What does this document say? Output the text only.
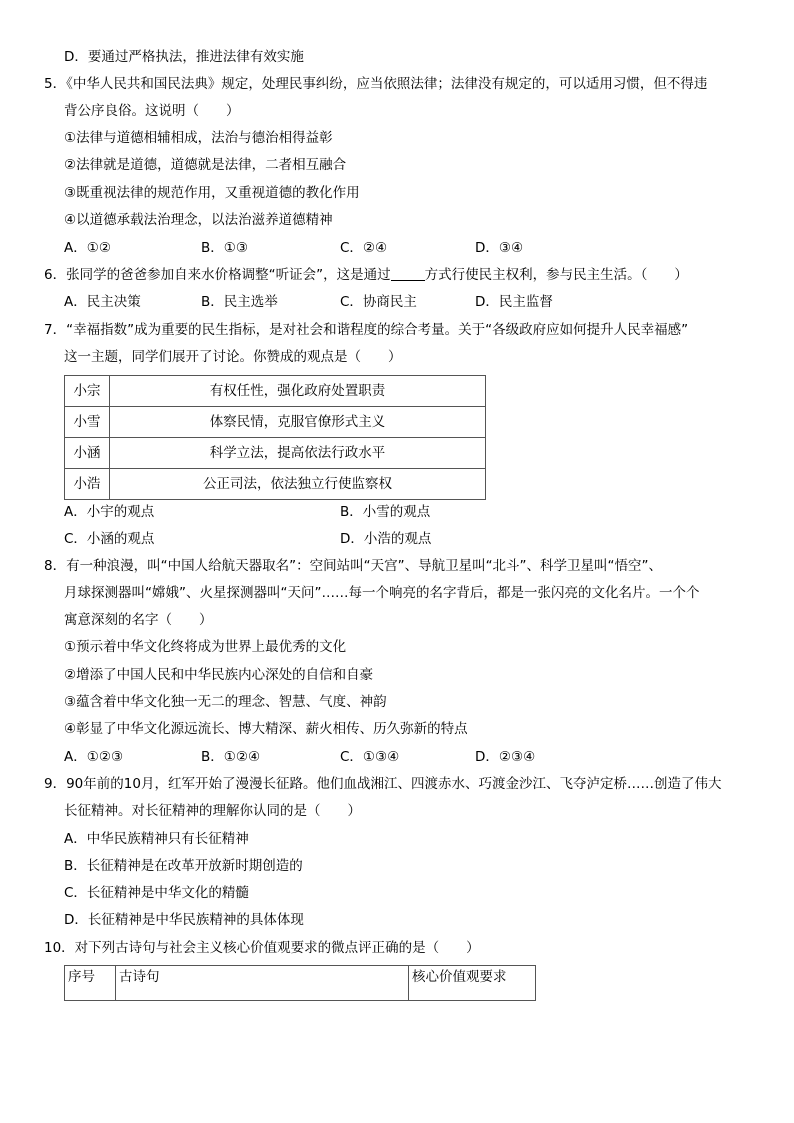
D．要通过严格执法，推进法律有效实施
5．《中华人民共和国民法典》规定，处理民事纠纷，应当依照法律；法律没有规定的，可以适用习惯，但不得违
背公序良俗。这说明（　　）
①法律与道德相辅相成，法治与德治相得益彰
②法律就是道德，道德就是法律，二者相互融合
③既重视法律的规范作用，又重视道德的教化作用
④以道德承载法治理念，以法治滋养道德精神
A．①②	B．①③	C．②④	D．③④
6．张同学的爸爸参加自来水价格调整“听证会”，这是通过	方式行使民主权利，参与民主生活。（　　）
A．民主决策	B．民主选举	C．协商民主	D．民主监督
7．“幸福指数”成为重要的民生指标，是对社会和谐程度的综合考量。关于“各级政府应如何提升人民幸福感”
这一主题，同学们展开了讨论。你赞成的观点是（　　）
小宗	有权任性，强化政府处置职责
小雪	体察民情，克服官僚形式主义
小涵	科学立法，提高依法行政水平
小浩	公正司法，依法独立行使监察权
A．小宇的观点	B．小雪的观点
C．小涵的观点	D．小浩的观点
8．有一种浪漫，叫“中国人给航天器取名”：空间站叫“天宫”、导航卫星叫“北斗”、科学卫星叫“悟空”、
月球探测器叫“嫦娥”、火星探测器叫“天问”……每一个响亮的名字背后，都是一张闪亮的文化名片。一个个
寓意深刻的名字（　　）
①预示着中华文化终将成为世界上最优秀的文化
②增添了中国人民和中华民族内心深处的自信和自豪
③蕴含着中华文化独一无二的理念、智慧、气度、神韵
④彰显了中华文化源远流长、博大精深、薪火相传、历久弥新的特点
A．①②③	B．①②④	C．①③④	D．②③④
9．90年前的10月，红军开始了漫漫长征路。他们血战湘江、四渡赤水、巧渡金沙江、飞夺泸定桥……创造了伟大
长征精神。对长征精神的理解你认同的是（　　）
A．中华民族精神只有长征精神
B．长征精神是在改革开放新时期创造的
C．长征精神是中华文化的精髓
D．长征精神是中华民族精神的具体体现
10．对下列古诗句与社会主义核心价值观要求的微点评正确的是（　　）
序号	古诗句	核心价值观要求
